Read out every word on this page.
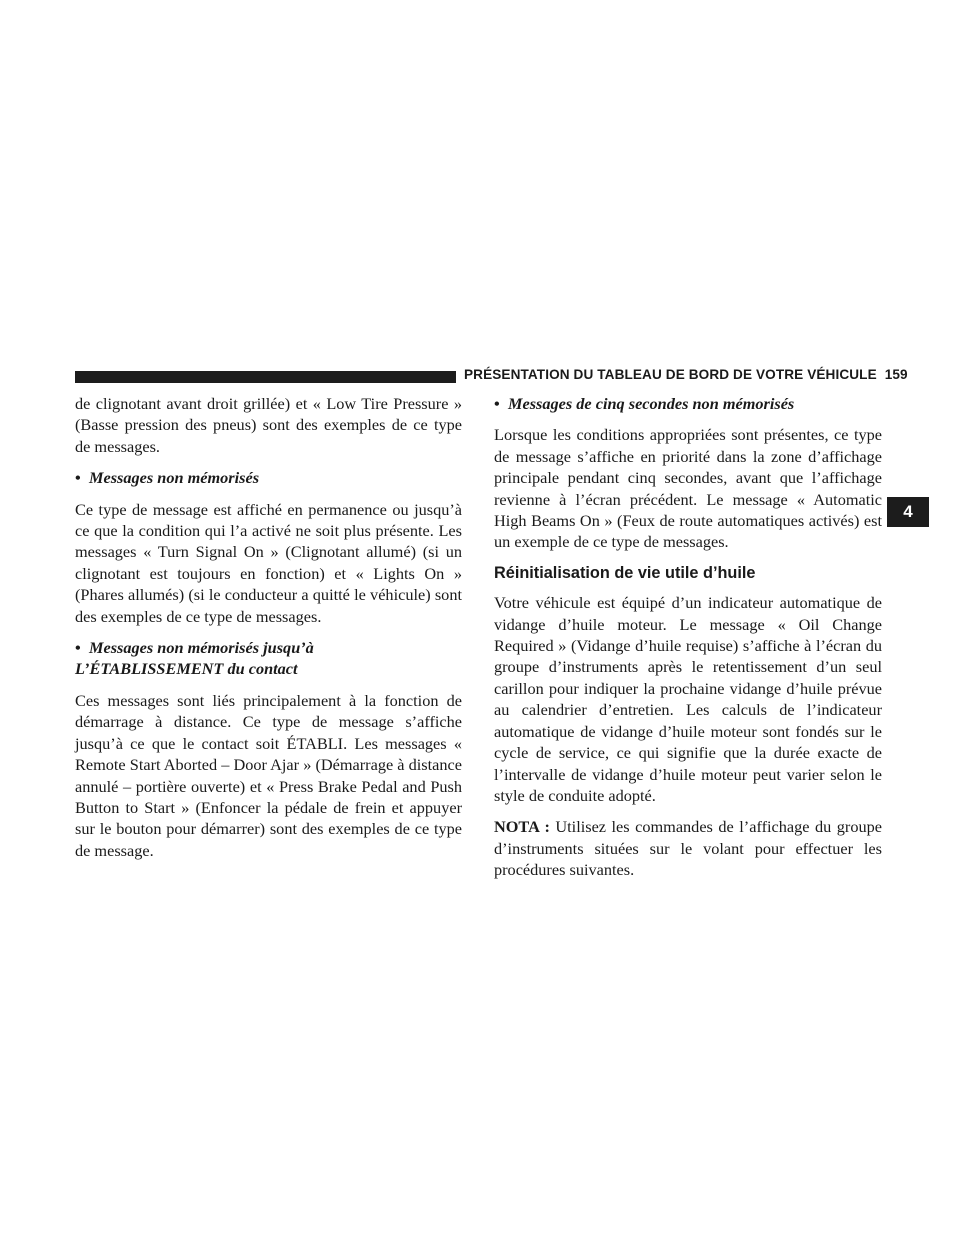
PRÉSENTATION DU TABLEAU DE BORD DE VOTRE VÉHICULE 159
4

de clignotant avant droit grillée) et « Low Tire Pressure » (Basse pression des pneus) sont des exemples de ce type de messages.

• Messages non mémorisés

Ce type de message est affiché en permanence ou jusqu’à ce que la condition qui l’a activé ne soit plus présente. Les messages « Turn Signal On » (Clignotant allumé) (si un clignotant est toujours en fonction) et « Lights On » (Phares allumés) (si le conducteur a quitté le véhicule) sont des exemples de ce type de messages.

• Messages non mémorisés jusqu’à L’ÉTABLISSEMENT du contact

Ces messages sont liés principalement à la fonction de démarrage à distance. Ce type de message s’affiche jusqu’à ce que le contact soit ÉTABLI. Les messages « Remote Start Aborted – Door Ajar » (Démarrage à distance annulé – portière ouverte) et « Press Brake Pedal and Push Button to Start » (Enfoncer la pédale de frein et appuyer sur le bouton pour démarrer) sont des exemples de ce type de message.

• Messages de cinq secondes non mémorisés

Lorsque les conditions appropriées sont présentes, ce type de message s’affiche en priorité dans la zone d’affichage principale pendant cinq secondes, avant que l’affichage revienne à l’écran précédent. Le message « Automatic High Beams On » (Feux de route automatiques activés) est un exemple de ce type de messages.

Réinitialisation de vie utile d’huile

Votre véhicule est équipé d’un indicateur automatique de vidange d’huile moteur. Le message « Oil Change Required » (Vidange d’huile requise) s’affiche à l’écran du groupe d’instruments après le retentissement d’un seul carillon pour indiquer la prochaine vidange d’huile prévue au calendrier d’entretien. Les calculs de l’indicateur automatique de vidange d’huile moteur sont fondés sur le cycle de service, ce qui signifie que la durée exacte de l’intervalle de vidange d’huile moteur peut varier selon le style de conduite adopté.

NOTA : Utilisez les commandes de l’affichage du groupe d’instruments situées sur le volant pour effectuer les procédures suivantes.
